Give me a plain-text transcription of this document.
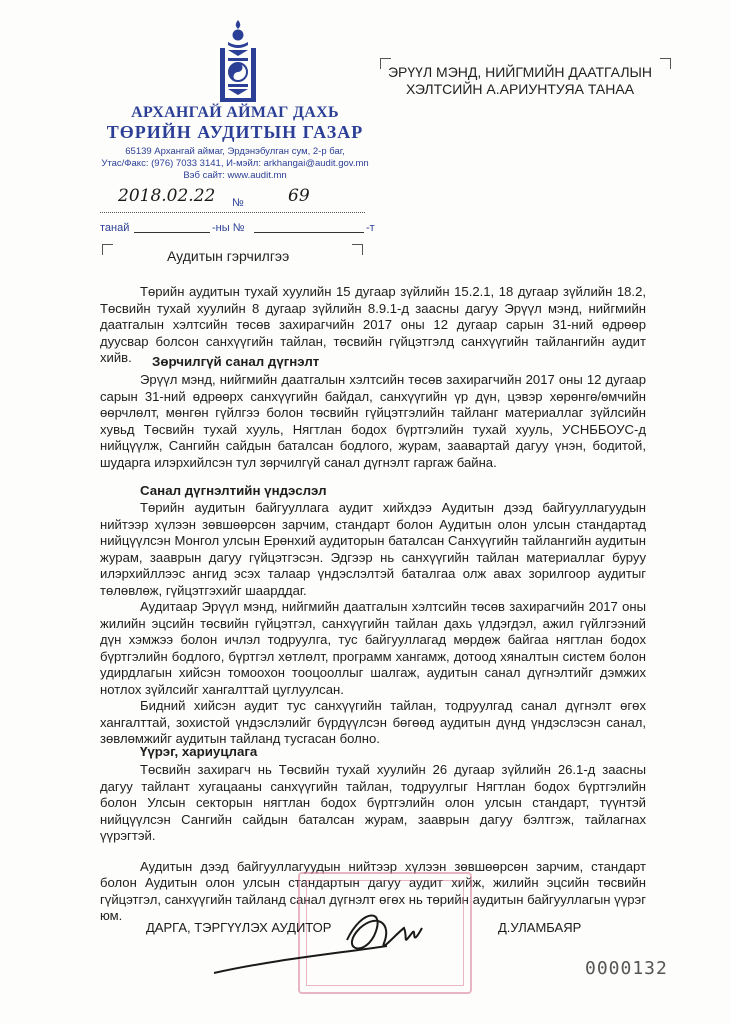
АРХАНГАЙ АЙМАГ ДАХЬ
ТӨРИЙН АУДИТЫН ГАЗАР
65139 Архангай аймаг, Эрдэнэбулган сум, 2-р баг,
Утас/Факс: (976) 7033 3141, И-мэйл: arkhangai@audit.gov.mn
Вэб сайт: www.audit.mn
ЭРҮҮЛ МЭНД, НИЙГМИЙН ДААТГАЛЫН
ХЭЛТСИЙН А.АРИУНТУЯА ТАНАА
2018.02.22 №	69
танай	-ны №	-т
Аудитын гэрчилгээ

Төрийн аудитын тухай хуулийн 15 дугаар зүйлийн 15.2.1, 18 дугаар зүйлийн 18.2, Төсвийн тухай хуулийн 8 дугаар зүйлийн 8.9.1-д заасны дагуу Эрүүл мэнд, нийгмийн даатгалын хэлтсийн төсөв захирагчийн 2017 оны 12 дугаар сарын 31-ний өдрөөр дуусвар болсон санхүүгийн тайлан, төсвийн гүйцэтгэлд санхүүгийн тайлангийн аудит хийв.	Зөрчилгүй санал дүгнэлт

Эрүүл мэнд, нийгмийн даатгалын хэлтсийн төсөв захирагчийн 2017 оны 12 дугаар сарын 31-ний өдрөөрх санхүүгийн байдал, санхүүгийн үр дүн, цэвэр хөрөнгө/өмчийн өөрчлөлт, мөнгөн гүйлгээ болон төсвийн гүйцэтгэлийн тайланг материаллаг зүйлсийн хувьд Төсвийн тухай хууль, Нягтлан бодох бүртгэлийн тухай хууль, УСНББОУС-д нийцүүлж, Сангийн сайдын баталсан бодлого, журам, заавартай дагуу үнэн, бодитой, шударга илэрхийлсэн тул зөрчилгүй санал дүгнэлт гаргаж байна.

Санал дүгнэлтийн үндэслэл

Төрийн аудитын байгууллага аудит хийхдээ Аудитын дээд байгууллагуудын нийтээр хүлээн зөвшөөрсөн зарчим, стандарт болон Аудитын олон улсын стандартад нийцүүлсэн Монгол улсын Ерөнхий аудиторын баталсан Санхүүгийн тайлангийн аудитын журам, зааврын дагуу гүйцэтгэсэн. Эдгээр нь санхүүгийн тайлан материаллаг буруу илэрхийллээс ангид эсэх талаар үндэслэлтэй баталгаа олж авах зорилгоор аудитыг төлөвлөж, гүйцэтгэхийг шаарддаг.

Аудитаар Эрүүл мэнд, нийгмийн даатгалын хэлтсийн төсөв захирагчийн 2017 оны жилийн эцсийн төсвийн гүйцэтгэл, санхүүгийн тайлан дахь үлдэгдэл, ажил гүйлгээний дүн хэмжээ болон ичлэл тодруулга, тус байгууллагад мөрдөж байгаа нягтлан бодох бүртгэлийн бодлого, бүртгэл хөтлөлт, программ хангамж, дотоод хяналтын систем болон удирдлагын хийсэн томоохон тооцооллыг шалгаж, аудитын санал дүгнэлтийг дэмжих нотлох зүйлсийг хангалттай цуглуулсан.

Бидний хийсэн аудит тус санхүүгийн тайлан, тодруулгад санал дүгнэлт өгөх хангалттай, зохистой үндэслэлийг бүрдүүлсэн бөгөөд аудитын дүнд үндэслэсэн санал, зөвлөмжийг аудитын тайланд тусгасан болно.

Үүрэг, хариуцлага

Төсвийн захирагч нь Төсвийн тухай хуулийн 26 дугаар зүйлийн 26.1-д заасны дагуу тайлант хугацааны санхүүгийн тайлан, тодруулгыг Нягтлан бодох бүртгэлийн болон Улсын секторын нягтлан бодох бүртгэлийн олон улсын стандарт, түүнтэй нийцүүлсэн Сангийн сайдын баталсан журам, зааврын дагуу бэлтгэж, тайлагнах үүрэгтэй.

Аудитын дээд байгууллагуудын нийтээр хүлээн зөвшөөрсөн зарчим, стандарт болон Аудитын олон улсын стандартын дагуу аудит хийж, жилийн эцсийн төсвийн гүйцэтгэл, санхүүгийн тайланд санал дүгнэлт өгөх нь төрийн аудитын байгууллагын үүрэг юм.

ДАРГА, ТЭРГҮҮЛЭХ АУДИТОР	Д.УЛАМБАЯР
0000132
